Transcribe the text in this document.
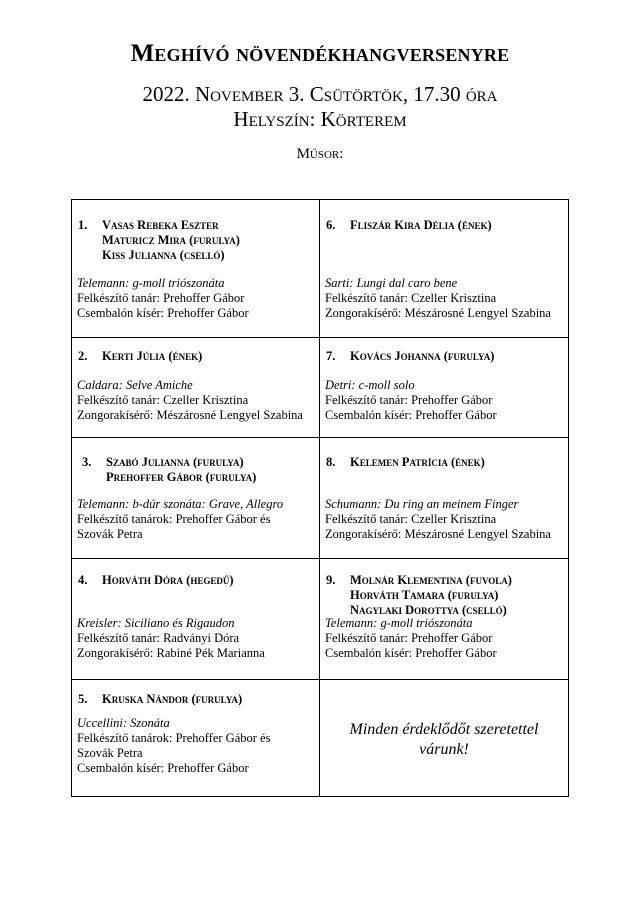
Meghívó növendékhangversenyre
2022. November 3. Csütörtök, 17.30 óra
Helyszín: Körterem
Műsor:
1. Vasas Rebeka Eszter
Maturicz Mira (furulya)
Kiss Julianna (cselló)
Telemann: g-moll triószonáta
Felkészítő tanár: Prehoffer Gábor
Csembalón kísér: Prehoffer Gábor
6. Fliszár Kira Délia (ének)
Sarti: Lungi dal caro bene
Felkészítő tanár: Czeller Krisztina
Zongorakísérő: Mészárosné Lengyel Szabina
2. Kerti Júlia (ének)
Caldara: Selve Amiche
Felkészítő tanár: Czeller Krisztina
Zongorakísérő: Mészárosné Lengyel Szabina
7. Kovács Johanna (furulya)
Detri: c-moll solo
Felkészítő tanár: Prehoffer Gábor
Csembalón kísér: Prehoffer Gábor
3. Szabó Julianna (furulya)
Prehoffer Gábor (furulya)
Telemann: b-dúr szonáta: Grave, Allegro
Felkészítő tanárok: Prehoffer Gábor és
Szovák Petra
8. Kelemen Patrícia (ének)
Schumann: Du ring an meinem Finger
Felkészítő tanár: Czeller Krisztina
Zongorakísérő: Mészárosné Lengyel Szabina
4. Horváth Dóra (hegedű)
Kreisler: Siciliano és Rigaudon
Felkészítő tanár: Radványi Dóra
Zongorakísérő: Rabiné Pék Marianna
9. Molnár Klementina (fuvola)
Horváth Tamara (furulya)
Nagylaki Dorottya (cselló)
Telemann: g-moll triószonáta
Felkészítő tanár: Prehoffer Gábor
Csembalón kísér: Prehoffer Gábor
5. Kruska Nándor (furulya)
Uccellini: Szonáta
Felkészítő tanárok: Prehoffer Gábor és
Szovák Petra
Csembalón kísér: Prehoffer Gábor
Minden érdeklődőt szeretettel
várunk!
